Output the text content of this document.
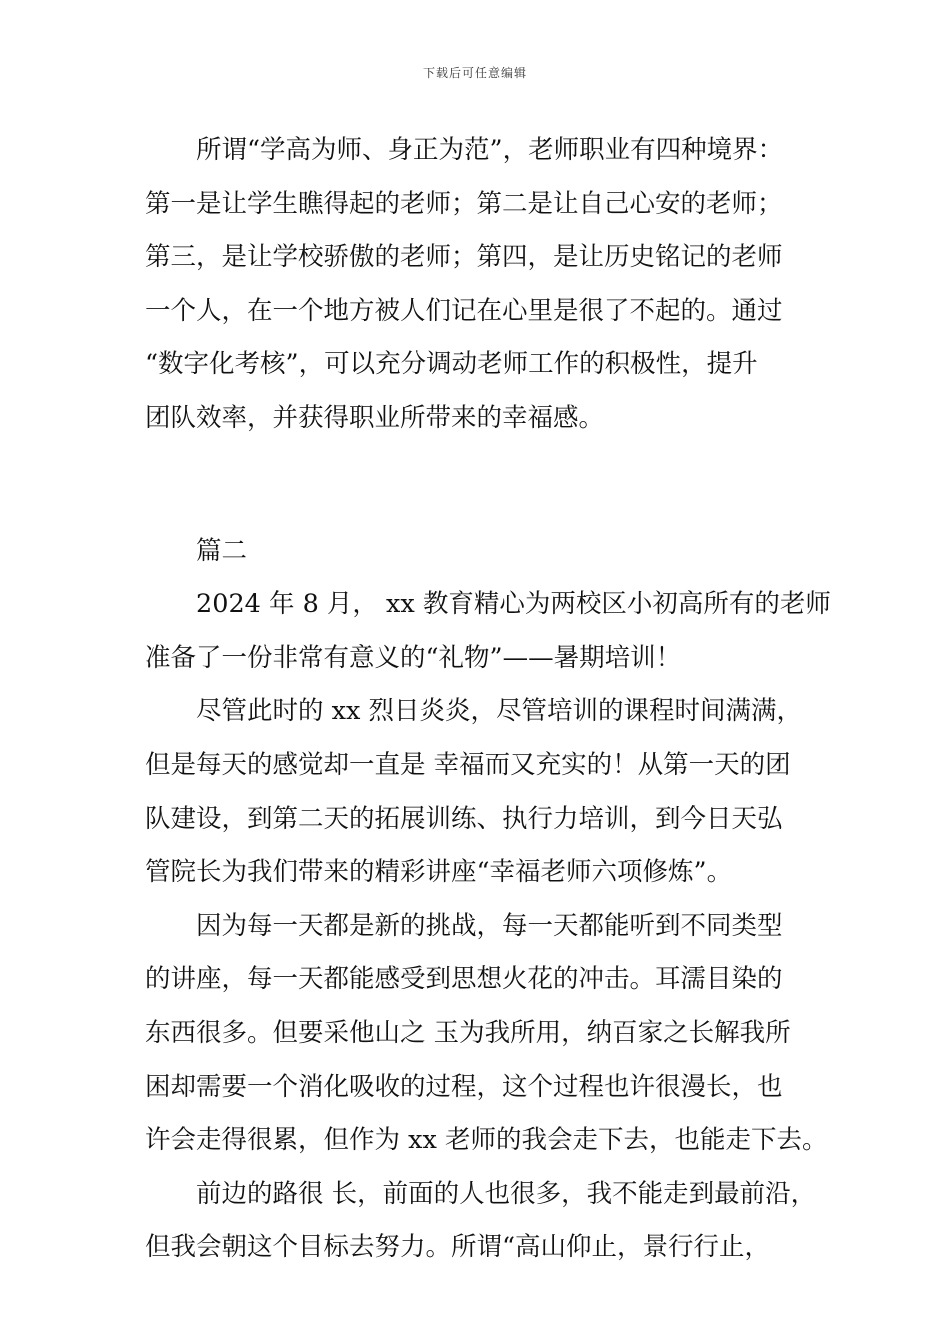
下载后可任意编辑
所谓“学高为师、身正为范”，老师职业有四种境界：
第一是让学生瞧得起的老师；第二是让自己心安的老师；
第三，是让学校骄傲的老师；第四，是让历史铭记的老师
一个人，在一个地方被人们记在心里是很了不起的。通过
“数字化考核”，可以充分调动老师工作的积极性，提升
团队效率，并获得职业所带来的幸福感。
篇二
2024 年 8 月， xx 教育精心为两校区小初高所有的老师
准备了一份非常有意义的“礼物”——暑期培训！
尽管此时的 xx 烈日炎炎，尽管培训的课程时间满满，
但是每天的感觉却一直是 幸福而又充实的！从第一天的团
队建设，到第二天的拓展训练、执行力培训，到今日天弘
管院长为我们带来的精彩讲座“幸福老师六项修炼”。
因为每一天都是新的挑战，每一天都能听到不同类型
的讲座，每一天都能感受到思想火花的冲击。耳濡目染的
东西很多。但要采他山之 玉为我所用，纳百家之长解我所
困却需要一个消化吸收的过程，这个过程也许很漫长，也
许会走得很累，但作为 xx 老师的我会走下去，也能走下去。
前边的路很 长，前面的人也很多，我不能走到最前沿，
但我会朝这个目标去努力。所谓“高山仰止，景行行止，
